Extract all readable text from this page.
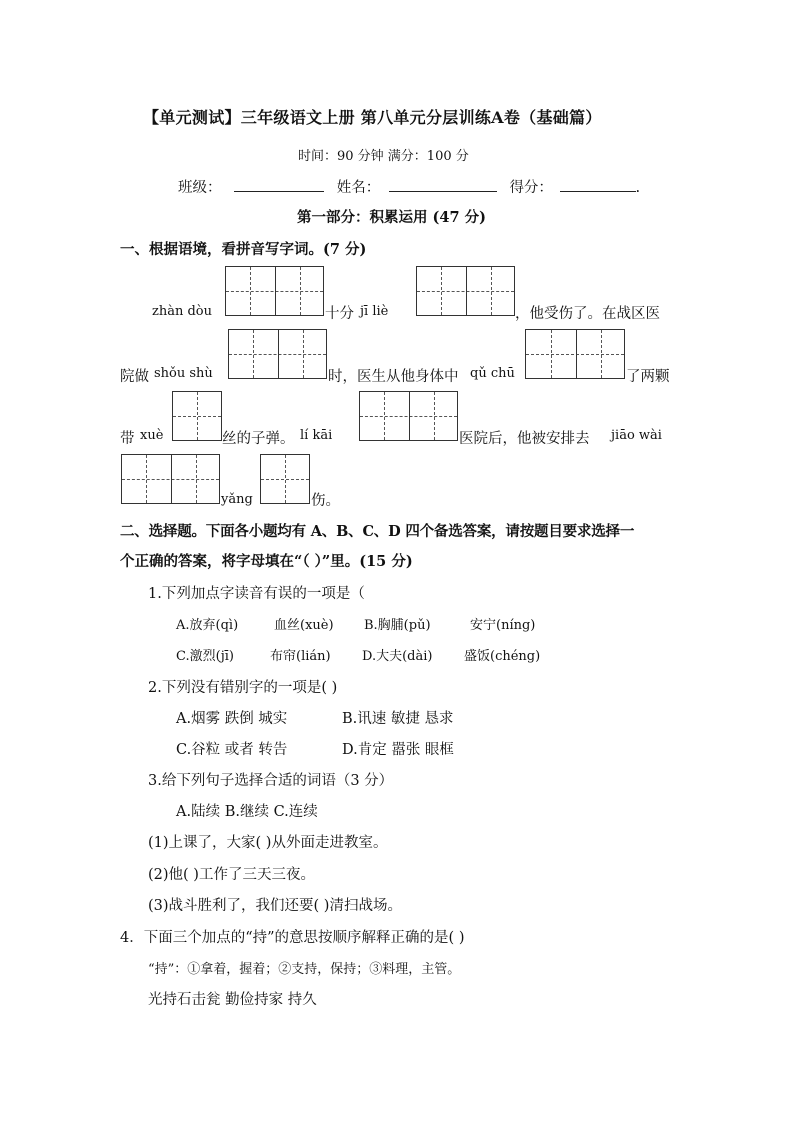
【单元测试】三年级语文上册 第八单元分层训练A卷（基础篇）
时间：90 分钟 满分：100 分
班级：	姓名：	得分：	.
第一部分：积累运用 (47 分)
一、根据语境，看拼音写字词。(7 分)
zhàn dòu	十分 jī liè	，他受伤了。在战区医
院做 shǒu shù	时，医生从他身体中 qǔ chū	了两颗
带 xuè	丝的子弹。 lí kāi	医院后，他被安排去 jiāo wài
yǎng	伤。
二、选择题。下面各小题均有 A、B、C、D 四个备选答案，请按题目要求选择一
个正确的答案，将字母填在“（ ）”里。(15 分)
1.下列加点字读音有误的一项是（
A.放弃(qì)	血丝(xuè) B.胸脯(pǔ)	安宁(níng)
C.激烈(jī)	布帘(lián) D.大夫(dài) 盛饭(chéng)
2.下列没有错别字的一项是( )
A.烟雾 跌倒 城实	B.讯速 敏捷 恳求
C.谷粒 或者 转告	D.肯定 嚣张 眼框
3.给下列句子选择合适的词语（3 分）
A.陆续 B.继续 C.连续
(1)上课了，大家( )从外面走进教室。
(2)他( )工作了三天三夜。
(3)战斗胜利了，我们还要( )清扫战场。
4．下面三个加点的“持”的意思按顺序解释正确的是( )
“持”：①拿着，握着；②支持，保持；③料理，主管。
光持石击瓮 勤俭持家 持久
